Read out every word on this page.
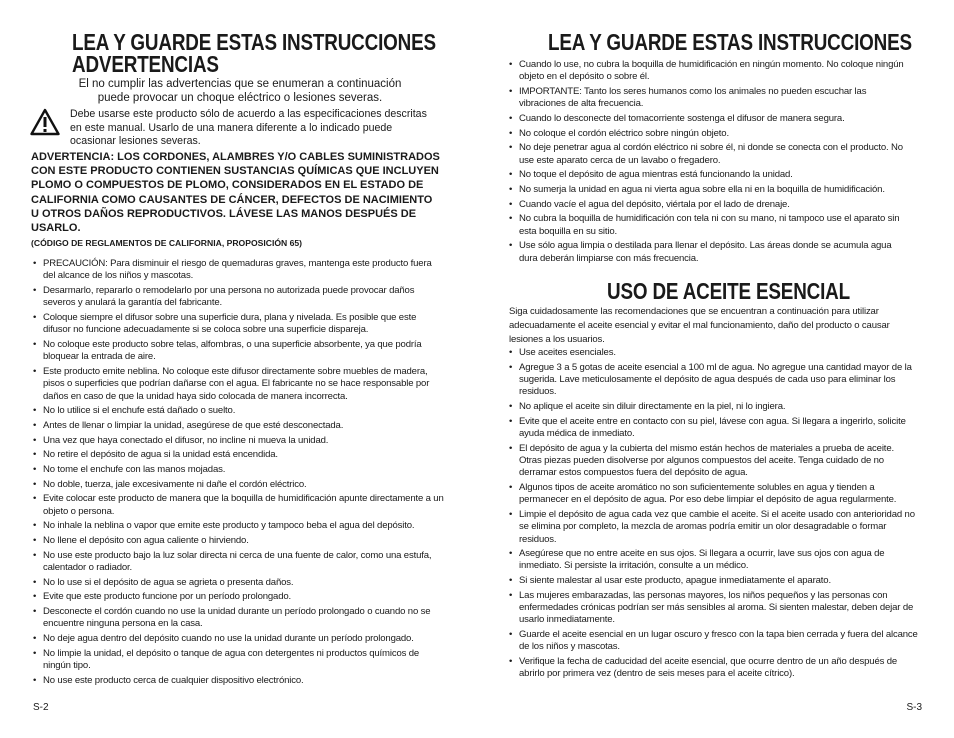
LEA Y GUARDE ESTAS INSTRUCCIONES
ADVERTENCIAS
El no cumplir las advertencias que se enumeran a continuación puede provocar un choque eléctrico o lesiones severas.
Debe usarse este producto sólo de acuerdo a las especificaciones descritas en este manual. Usarlo de una manera diferente a lo indicado puede ocasionar lesiones severas.
ADVERTENCIA: LOS CORDONES, ALAMBRES Y/O CABLES SUMINISTRADOS CON ESTE PRODUCTO CONTIENEN SUSTANCIAS QUÍMICAS QUE INCLUYEN PLOMO O COMPUESTOS DE PLOMO, CONSIDERADOS EN EL ESTADO DE CALIFORNIA COMO CAUSANTES DE CÁNCER, DEFECTOS DE NACIMIENTO U OTROS DAÑOS REPRODUCTIVOS. LÁVESE LAS MANOS DESPUÉS DE USARLO.
(CÓDIGO DE REGLAMENTOS DE CALIFORNIA, PROPOSICIÓN 65)
• PRECAUCIÓN: Para disminuir el riesgo de quemaduras graves, mantenga este producto fuera del alcance de los niños y mascotas.
• Desarmarlo, repararlo o remodelarlo por una persona no autorizada puede provocar daños severos y anulará la garantía del fabricante.
• Coloque siempre el difusor sobre una superficie dura, plana y nivelada. Es posible que este difusor no funcione adecuadamente si se coloca sobre una superficie dispareja.
• No coloque este producto sobre telas, alfombras, o una superficie absorbente, ya que podría bloquear la entrada de aire.
• Este producto emite neblina. No coloque este difusor directamente sobre muebles de madera, pisos o superficies que podrían dañarse con el agua. El fabricante no se hace responsable por daños en caso de que la unidad haya sido colocada de manera incorrecta.
• No lo utilice si el enchufe está dañado o suelto.
• Antes de llenar o limpiar la unidad, asegúrese de que esté desconectada.
• Una vez que haya conectado el difusor, no incline ni mueva la unidad.
• No retire el depósito de agua si la unidad está encendida.
• No tome el enchufe con las manos mojadas.
• No doble, tuerza, jale excesivamente ni dañe el cordón eléctrico.
• Evite colocar este producto de manera que la boquilla de humidificación apunte directamente a un objeto o persona.
• No inhale la neblina o vapor que emite este producto y tampoco beba el agua del depósito.
• No llene el depósito con agua caliente o hirviendo.
• No use este producto bajo la luz solar directa ni cerca de una fuente de calor, como una estufa, calentador o radiador.
• No lo use si el depósito de agua se agrieta o presenta daños.
• Evite que este producto funcione por un período prolongado.
• Desconecte el cordón cuando no use la unidad durante un período prolongado o cuando no se encuentre ninguna persona en la casa.
• No deje agua dentro del depósito cuando no use la unidad durante un período prolongado.
• No limpie la unidad, el depósito o tanque de agua con detergentes ni productos químicos de ningún tipo.
• No use este producto cerca de cualquier dispositivo electrónico.
S-2
LEA Y GUARDE ESTAS INSTRUCCIONES
• Cuando lo use, no cubra la boquilla de humidificación en ningún momento. No coloque ningún objeto en el depósito o sobre él.
• IMPORTANTE: Tanto los seres humanos como los animales no pueden escuchar las vibraciones de alta frecuencia.
• Cuando lo desconecte del tomacorriente sostenga el difusor de manera segura.
• No coloque el cordón eléctrico sobre ningún objeto.
• No deje penetrar agua al cordón eléctrico ni sobre él, ni donde se conecta con el producto. No use este aparato cerca de un lavabo o fregadero.
• No toque el depósito de agua mientras está funcionando la unidad.
• No sumerja la unidad en agua ni vierta agua sobre ella ni en la boquilla de humidificación.
• Cuando vacíe el agua del depósito, viértala por el lado de drenaje.
• No cubra la boquilla de humidificación con tela ni con su mano, ni tampoco use el aparato sin esta boquilla en su sitio.
• Use sólo agua limpia o destilada para llenar el depósito. Las áreas donde se acumula agua dura deberán limpiarse con más frecuencia.
USO DE ACEITE ESENCIAL
Siga cuidadosamente las recomendaciones que se encuentran a continuación para utilizar adecuadamente el aceite esencial y evitar el mal funcionamiento, daño del producto o causar lesiones a los usuarios.
• Use aceites esenciales.
• Agregue 3 a 5 gotas de aceite esencial a 100 ml de agua. No agregue una cantidad mayor de la sugerida. Lave meticulosamente el depósito de agua después de cada uso para eliminar los residuos.
• No aplique el aceite sin diluir directamente en la piel, ni lo ingiera.
• Evite que el aceite entre en contacto con su piel, lávese con agua. Si llegara a ingerirlo, solicite ayuda médica de inmediato.
• El depósito de agua y la cubierta del mismo están hechos de materiales a prueba de aceite. Otras piezas pueden disolverse por algunos compuestos del aceite. Tenga cuidado de no derramar estos compuestos fuera del depósito de agua.
• Algunos tipos de aceite aromático no son suficientemente solubles en agua y tienden a permanecer en el depósito de agua. Por eso debe limpiar el depósito de agua regularmente.
• Limpie el depósito de agua cada vez que cambie el aceite. Si el aceite usado con anterioridad no se elimina por completo, la mezcla de aromas podría emitir un olor desagradable o formar residuos.
• Asegúrese que no entre aceite en sus ojos. Si llegara a ocurrir, lave sus ojos con agua de inmediato. Si persiste la irritación, consulte a un médico.
• Si siente malestar al usar este producto, apague inmediatamente el aparato.
• Las mujeres embarazadas, las personas mayores, los niños pequeños y las personas con enfermedades crónicas podrían ser más sensibles al aroma. Si sienten malestar, deben dejar de usarlo inmediatamente.
• Guarde el aceite esencial en un lugar oscuro y fresco con la tapa bien cerrada y fuera del alcance de los niños y mascotas.
• Verifique la fecha de caducidad del aceite esencial, que ocurre dentro de un año después de abrirlo por primera vez (dentro de seis meses para el aceite cítrico).
S-3
